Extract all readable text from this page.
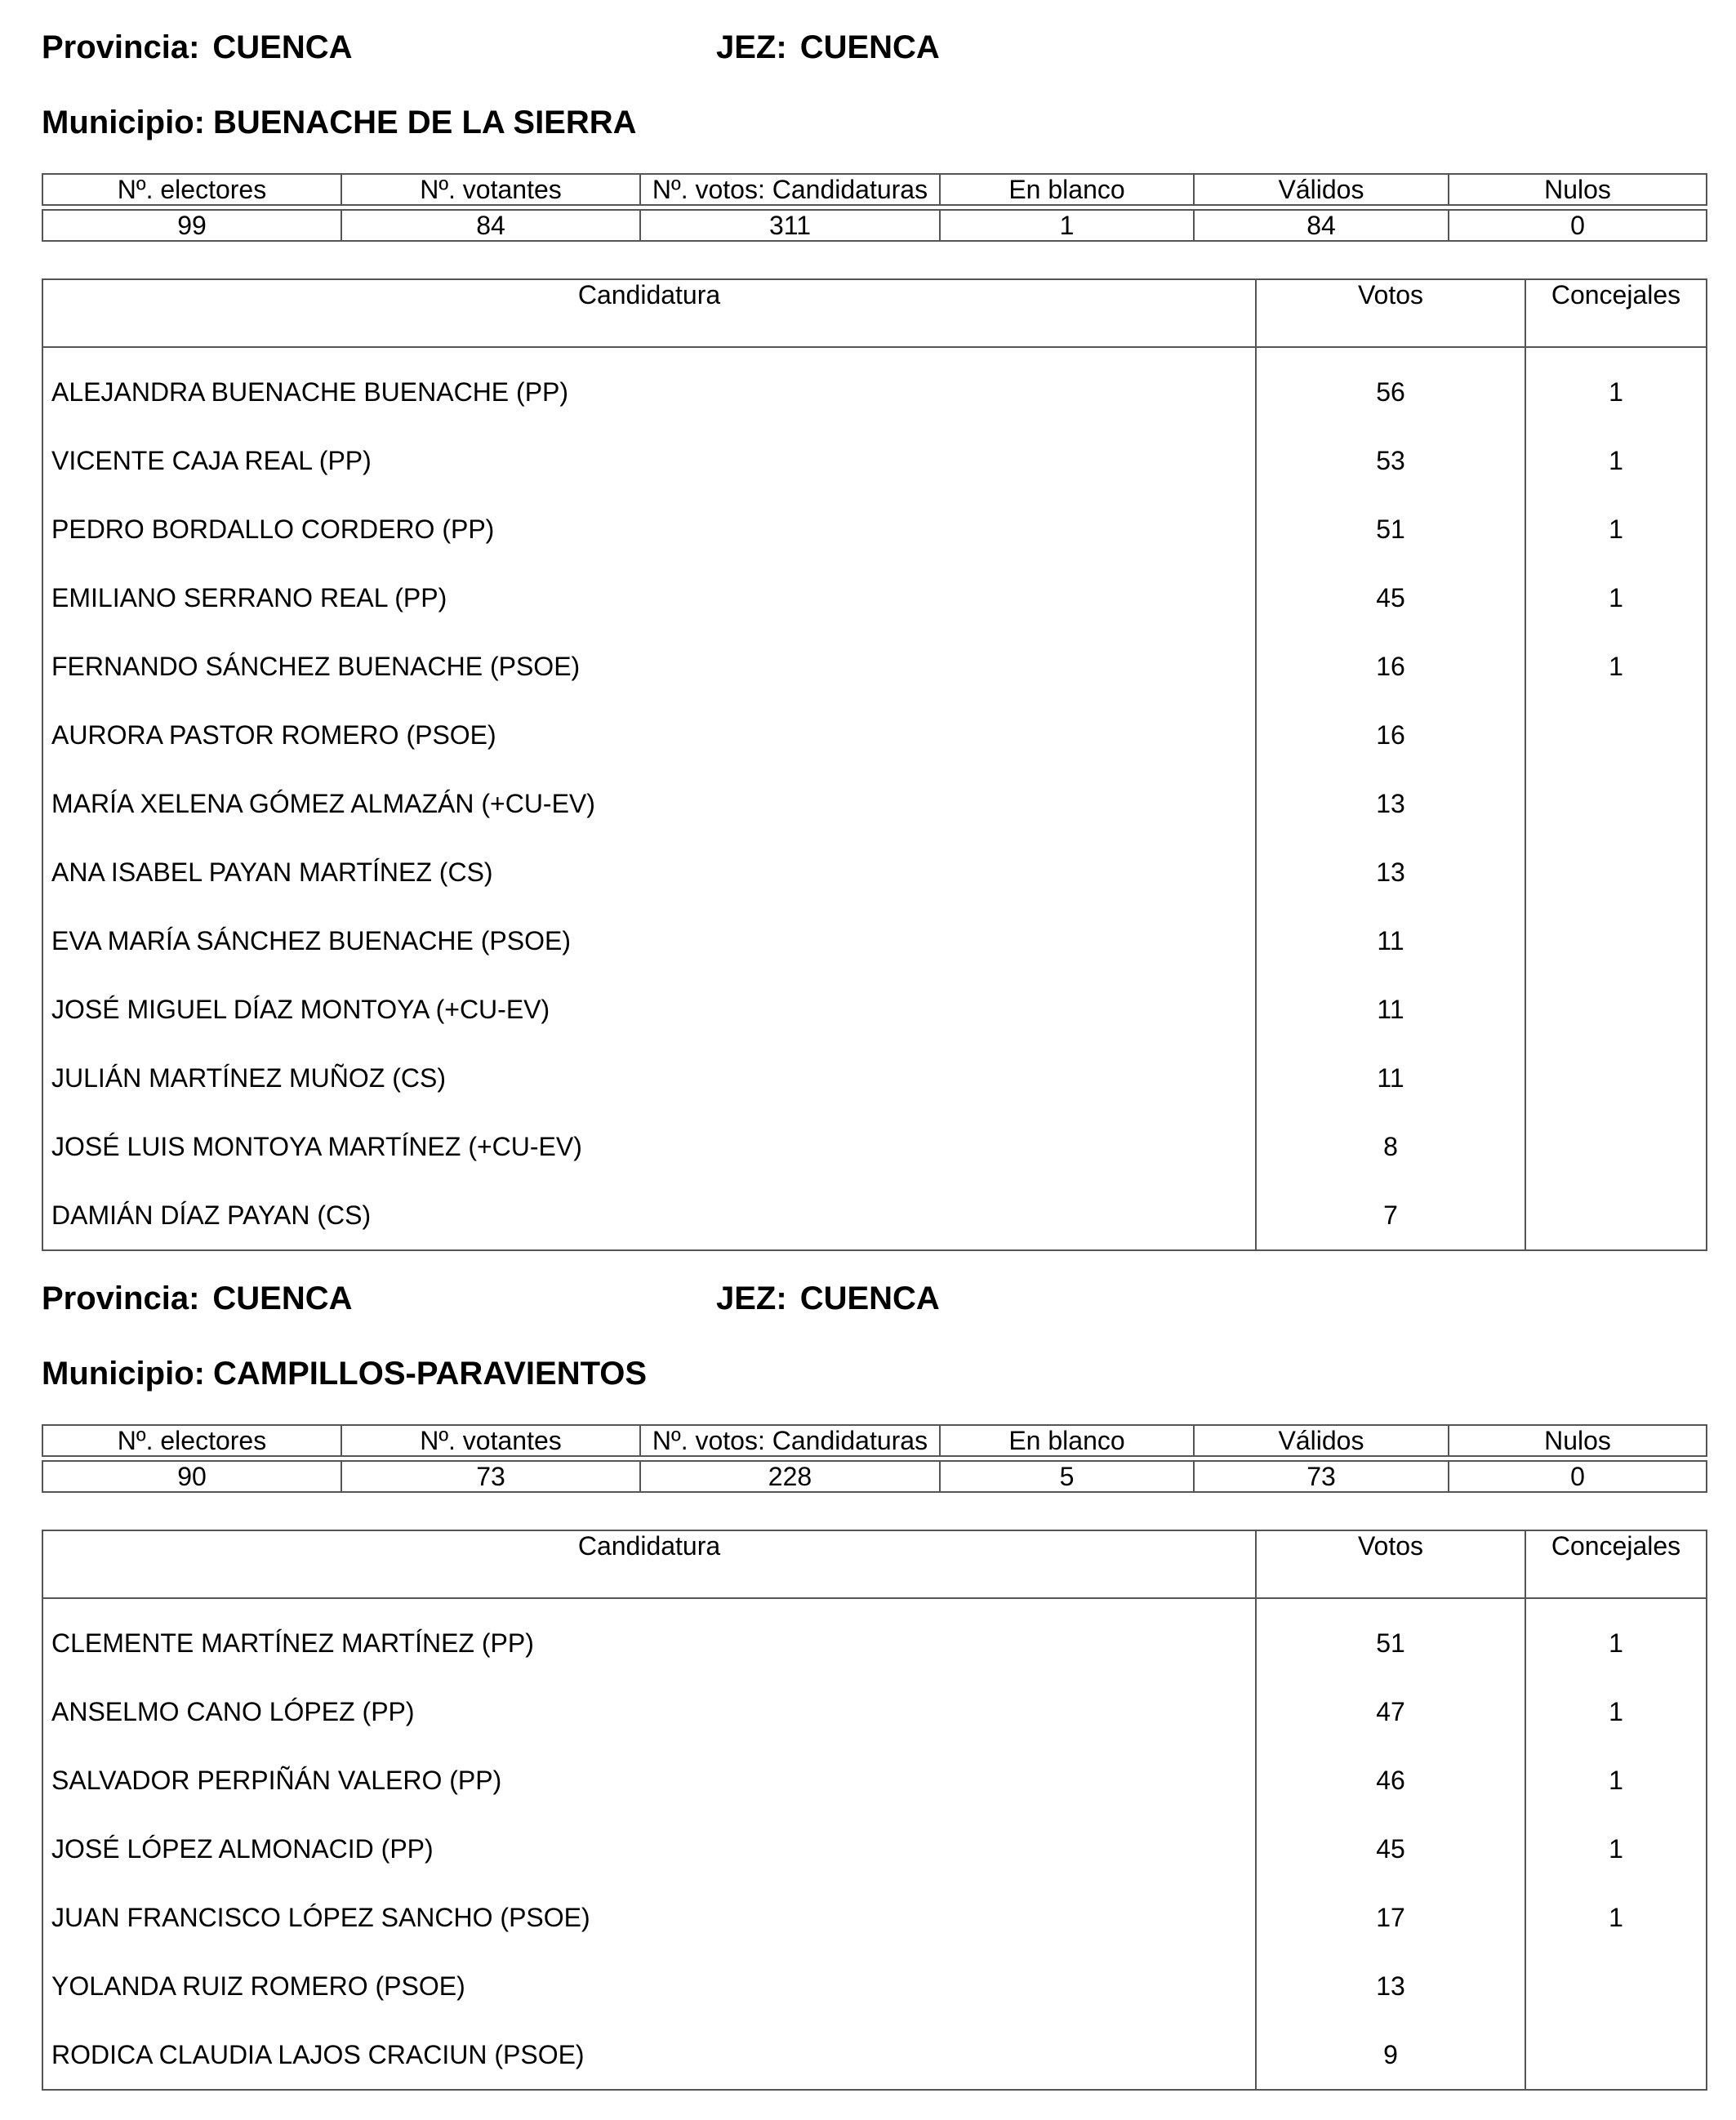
Provincia: CUENCA	JEZ: CUENCA
Municipio: BUENACHE DE LA SIERRA
Nº. electores	Nº. votantes	Nº. votos: Candidaturas	En blanco	Válidos	Nulos

99	84	311	1	84	0
Candidatura	Votos	Concejales
ALEJANDRA BUENACHE BUENACHE (PP)	56	1
VICENTE CAJA REAL (PP)	53	1
PEDRO BORDALLO CORDERO (PP)	51	1
EMILIANO SERRANO REAL (PP)	45	1
FERNANDO SÁNCHEZ BUENACHE (PSOE)	16	1
AURORA PASTOR ROMERO (PSOE)	16	
MARÍA XELENA GÓMEZ ALMAZÁN (+CU-EV)	13	
ANA ISABEL PAYAN MARTÍNEZ (CS)	13	
EVA MARÍA SÁNCHEZ BUENACHE (PSOE)	11	
JOSÉ MIGUEL DÍAZ MONTOYA (+CU-EV)	11	
JULIÁN MARTÍNEZ MUÑOZ (CS)	11	
JOSÉ LUIS MONTOYA MARTÍNEZ (+CU-EV)	8	
DAMIÁN DÍAZ PAYAN (CS)	7	
Provincia: CUENCA	JEZ: CUENCA
Municipio: CAMPILLOS-PARAVIENTOS
Nº. electores	Nº. votantes	Nº. votos: Candidaturas	En blanco	Válidos	Nulos

90	73	228	5	73	0
Candidatura	Votos	Concejales
CLEMENTE MARTÍNEZ MARTÍNEZ (PP)	51	1
ANSELMO CANO LÓPEZ (PP)	47	1
SALVADOR PERPIÑÁN VALERO (PP)	46	1
JOSÉ LÓPEZ ALMONACID (PP)	45	1
JUAN FRANCISCO LÓPEZ SANCHO (PSOE)	17	1
YOLANDA RUIZ ROMERO (PSOE)	13	
RODICA CLAUDIA LAJOS CRACIUN (PSOE)	9	
